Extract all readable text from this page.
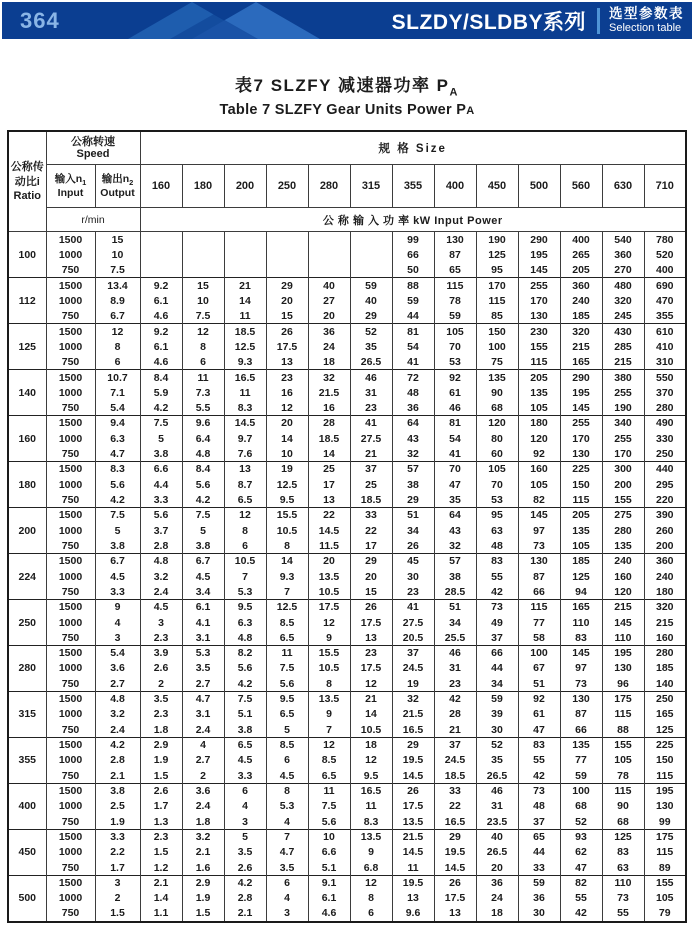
364	SLZDY/SLDBY系列 选型参数表
Selection table
表7 SLZFY 减速器功率 $P_A$
Table 7 SLZFY Gear Units Power PA
公称传
动比i
Ratio	公称转速
Speed		规 格 Size												
	输入$n_1$
Input	输出$n_2$
Output	160	180	200	250	280	315	355	400	450	500	560	630	710
	r/min		公 称 输 入 功 率 kW Input Power												
100	1500	15							99	130	190	290	400	540	780
	1000	10							66	87	125	195	265	360	520
	750	7.5							50	65	95	145	205	270	400
112	1500	13.4	9.2	15	21	29	40	59	88	115	170	255	360	480	690
	1000	8.9	6.1	10	14	20	27	40	59	78	115	170	240	320	470
	750	6.7	4.6	7.5	11	15	20	29	44	59	85	130	185	245	355
125	1500	12	9.2	12	18.5	26	36	52	81	105	150	230	320	430	610
	1000	8	6.1	8	12.5	17.5	24	35	54	70	100	155	215	285	410
	750	6	4.6	6	9.3	13	18	26.5	41	53	75	115	165	215	310
140	1500	10.7	8.4	11	16.5	23	32	46	72	92	135	205	290	380	550
	1000	7.1	5.9	7.3	11	16	21.5	31	48	61	90	135	195	255	370
	750	5.4	4.2	5.5	8.3	12	16	23	36	46	68	105	145	190	280
160	1500	9.4	7.5	9.6	14.5	20	28	41	64	81	120	180	255	340	490
	1000	6.3	5	6.4	9.7	14	18.5	27.5	43	54	80	120	170	255	330
	750	4.7	3.8	4.8	7.6	10	14	21	32	41	60	92	130	170	250
180	1500	8.3	6.6	8.4	13	19	25	37	57	70	105	160	225	300	440
	1000	5.6	4.4	5.6	8.7	12.5	17	25	38	47	70	105	150	200	295
	750	4.2	3.3	4.2	6.5	9.5	13	18.5	29	35	53	82	115	155	220
200	1500	7.5	5.6	7.5	12	15.5	22	33	51	64	95	145	205	275	390
	1000	5	3.7	5	8	10.5	14.5	22	34	43	63	97	135	280	260
	750	3.8	2.8	3.8	6	8	11.5	17	26	32	48	73	105	135	200
224	1500	6.7	4.8	6.7	10.5	14	20	29	45	57	83	130	185	240	360
	1000	4.5	3.2	4.5	7	9.3	13.5	20	30	38	55	87	125	160	240
	750	3.3	2.4	3.4	5.3	7	10.5	15	23	28.5	42	66	94	120	180
250	1500	9	4.5	6.1	9.5	12.5	17.5	26	41	51	73	115	165	215	320
	1000	4	3	4.1	6.3	8.5	12	17.5	27.5	34	49	77	110	145	215
	750	3	2.3	3.1	4.8	6.5	9	13	20.5	25.5	37	58	83	110	160
280	1500	5.4	3.9	5.3	8.2	11	15.5	23	37	46	66	100	145	195	280
	1000	3.6	2.6	3.5	5.6	7.5	10.5	17.5	24.5	31	44	67	97	130	185
	750	2.7	2	2.7	4.2	5.6	8	12	19	23	34	51	73	96	140
315	1500	4.8	3.5	4.7	7.5	9.5	13.5	21	32	42	59	92	130	175	250
	1000	3.2	2.3	3.1	5.1	6.5	9	14	21.5	28	39	61	87	115	165
	750	2.4	1.8	2.4	3.8	5	7	10.5	16.5	21	30	47	66	88	125
355	1500	4.2	2.9	4	6.5	8.5	12	18	29	37	52	83	135	155	225
	1000	2.8	1.9	2.7	4.5	6	8.5	12	19.5	24.5	35	55	77	105	150
	750	2.1	1.5	2	3.3	4.5	6.5	9.5	14.5	18.5	26.5	42	59	78	115
400	1500	3.8	2.6	3.6	6	8	11	16.5	26	33	46	73	100	115	195
	1000	2.5	1.7	2.4	4	5.3	7.5	11	17.5	22	31	48	68	90	130
	750	1.9	1.3	1.8	3	4	5.6	8.3	13.5	16.5	23.5	37	52	68	99
450	1500	3.3	2.3	3.2	5	7	10	13.5	21.5	29	40	65	93	125	175
	1000	2.2	1.5	2.1	3.5	4.7	6.6	9	14.5	19.5	26.5	44	62	83	115
	750	1.7	1.2	1.6	2.6	3.5	5.1	6.8	11	14.5	20	33	47	63	89
500	1500	3	2.1	2.9	4.2	6	9.1	12	19.5	26	36	59	82	110	155
	1000	2	1.4	1.9	2.8	4	6.1	8	13	17.5	24	36	55	73	105
	750	1.5	1.1	1.5	2.1	3	4.6	6	9.6	13	18	30	42	55	79
